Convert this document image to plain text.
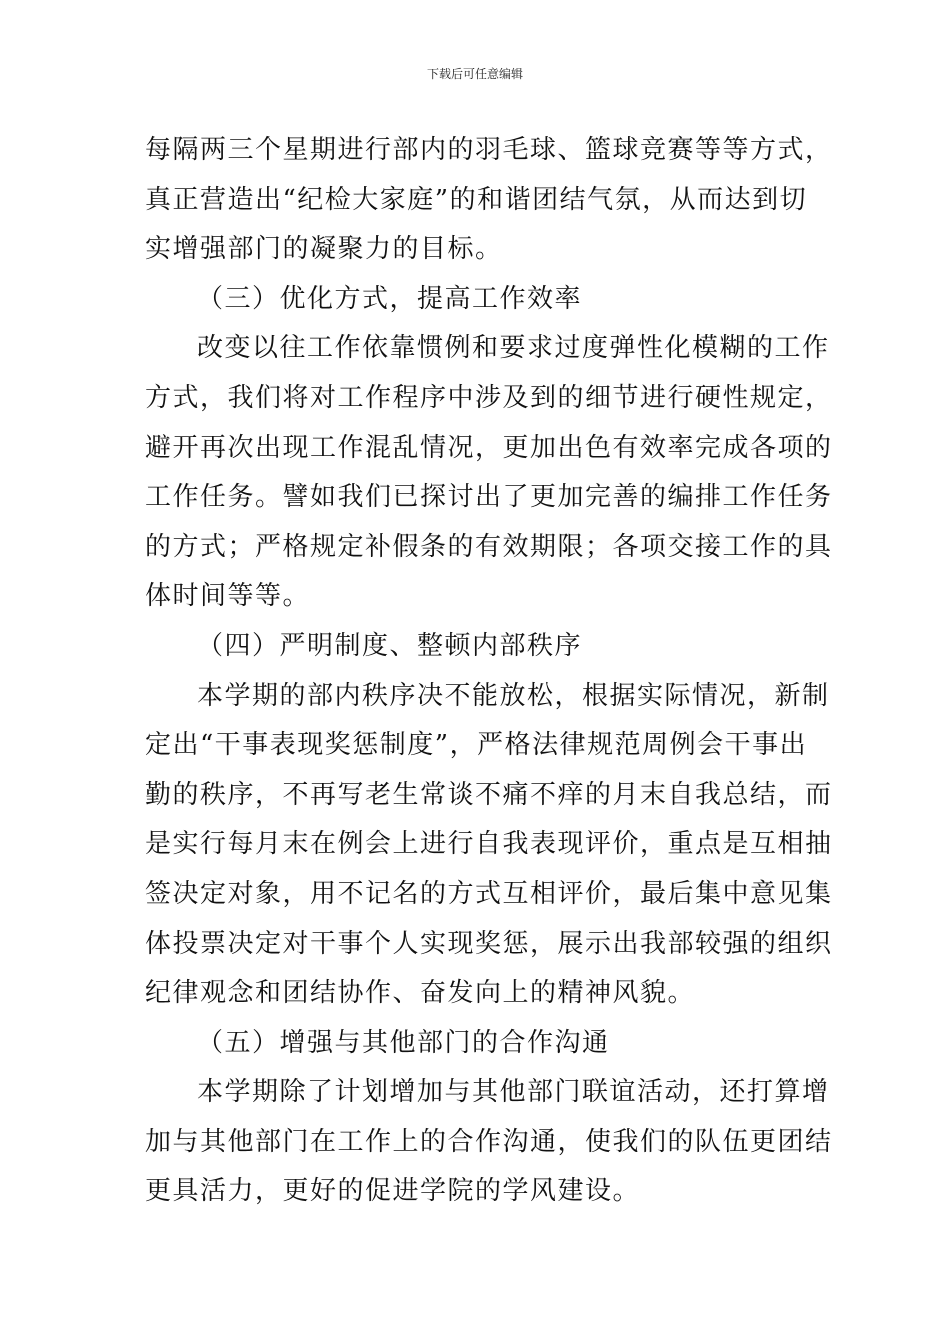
下载后可任意编辑
每隔两三个星期进行部内的羽毛球、篮球竞赛等等方式，
真正营造出“纪检大家庭”的和谐团结气氛，从而达到切
实增强部门的凝聚力的目标。
（三）优化方式，提高工作效率
改变以往工作依靠惯例和要求过度弹性化模糊的工作
方式，我们将对工作程序中涉及到的细节进行硬性规定，
避开再次出现工作混乱情况，更加出色有效率完成各项的
工作任务。譬如我们已探讨出了更加完善的编排工作任务
的方式；严格规定补假条的有效期限；各项交接工作的具
体时间等等。
（四）严明制度、整顿内部秩序
本学期的部内秩序决不能放松，根据实际情况，新制
定出“干事表现奖惩制度”，严格法律规范周例会干事出
勤的秩序，不再写老生常谈不痛不痒的月末自我总结，而
是实行每月末在例会上进行自我表现评价，重点是互相抽
签决定对象，用不记名的方式互相评价，最后集中意见集
体投票决定对干事个人实现奖惩，展示出我部较强的组织
纪律观念和团结协作、奋发向上的精神风貌。
（五）增强与其他部门的合作沟通
本学期除了计划增加与其他部门联谊活动，还打算增
加与其他部门在工作上的合作沟通，使我们的队伍更团结
更具活力，更好的促进学院的学风建设。
